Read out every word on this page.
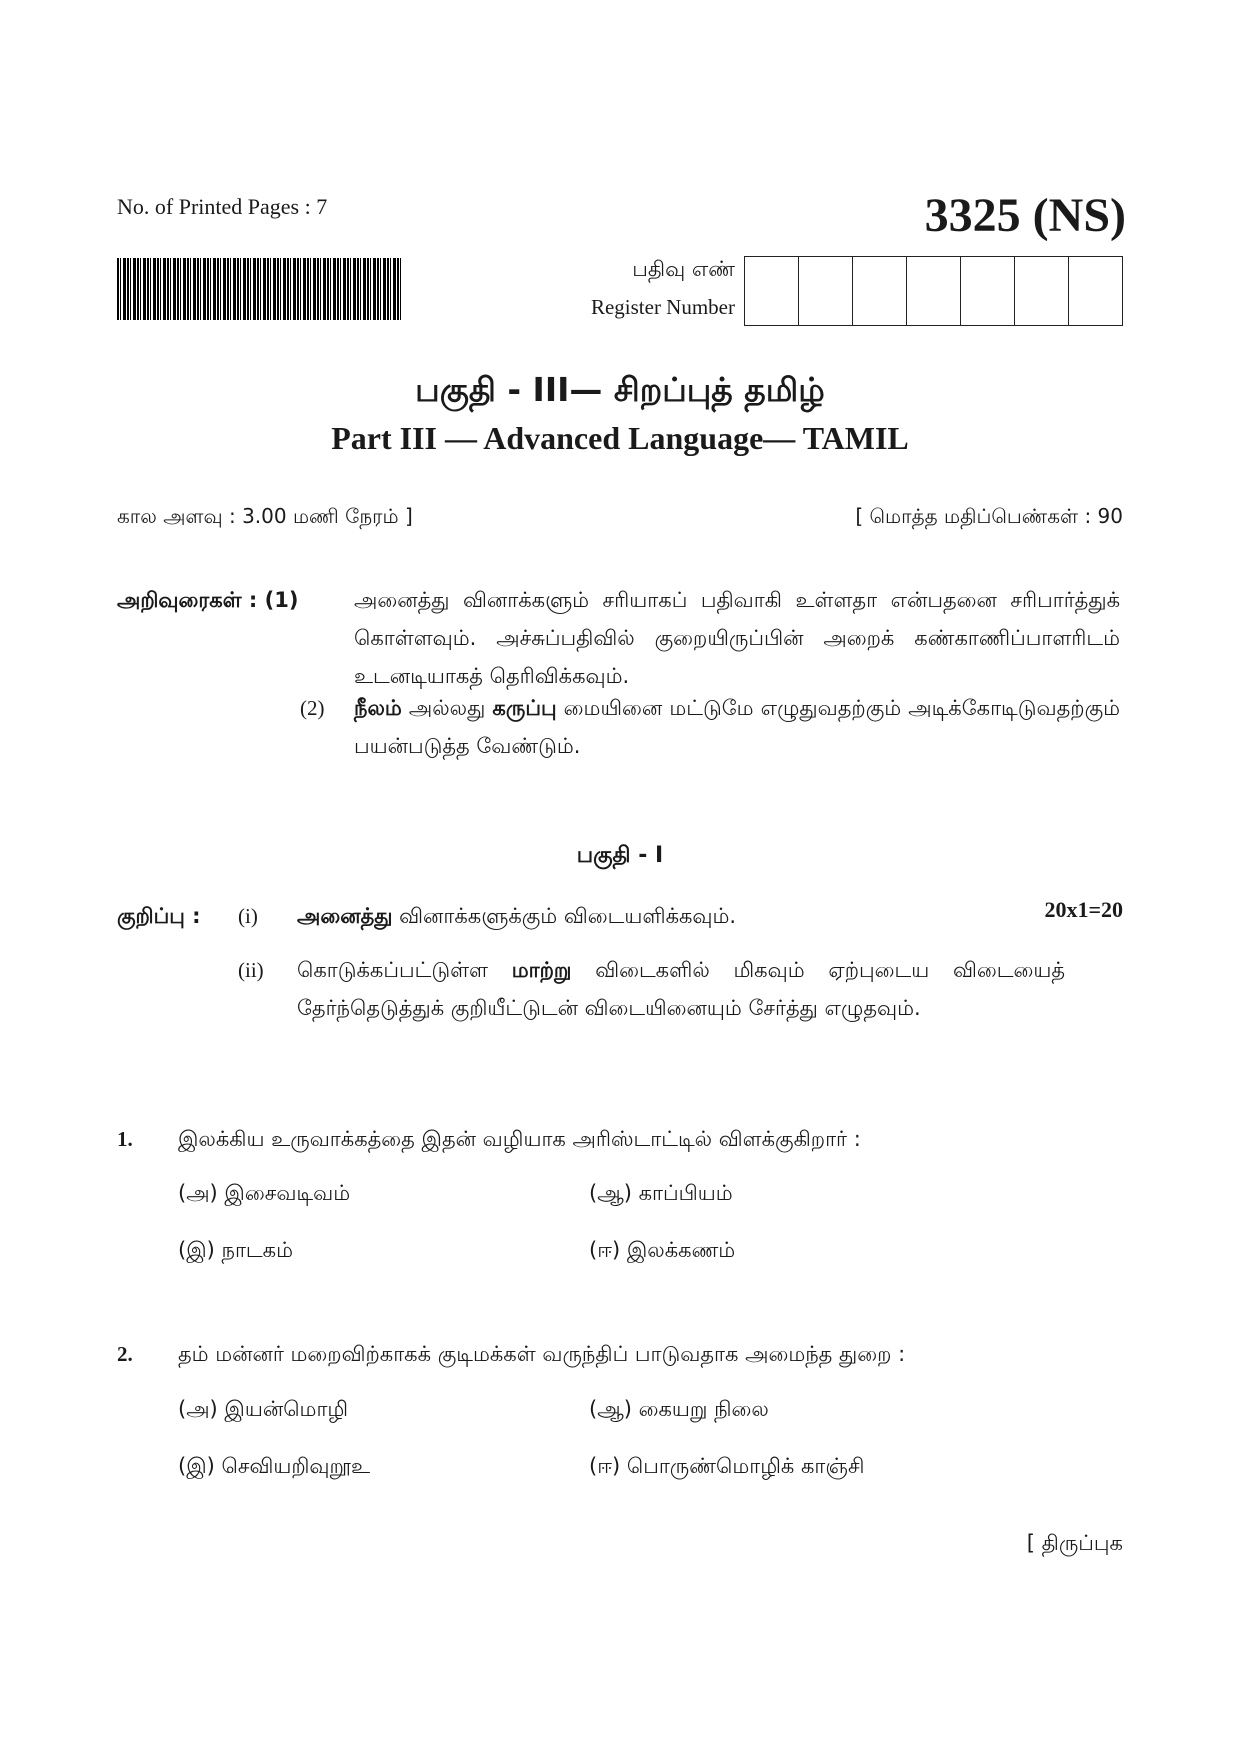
No. of Printed Pages : 7	3325 (NS)
பதிவு எண்
Register Number
பகுதி - III— சிறப்புத் தமிழ்
Part III — Advanced Language— TAMIL
கால அளவு : 3.00 மணி நேரம் ]	[ மொத்த மதிப்பெண்கள் : 90
அறிவுரைகள் : (1)	அனைத்து வினாக்களும் சரியாகப் பதிவாகி உள்ளதா என்பதனை சரிபார்த்துக் கொள்ளவும். அச்சுப்பதிவில் குறையிருப்பின் அறைக் கண்காணிப்பாளரிடம் உடனடியாகத் தெரிவிக்கவும்.
(2) நீலம் அல்லது கருப்பு மையினை மட்டுமே எழுதுவதற்கும் அடிக்கோடிடுவதற்கும் பயன்படுத்த வேண்டும்.
பகுதி - I
குறிப்பு : (i) அனைத்து வினாக்களுக்கும் விடையளிக்கவும்.	20x1=20
(ii) கொடுக்கப்பட்டுள்ள மாற்று விடைகளில் மிகவும் ஏற்புடைய விடையைத் தேர்ந்தெடுத்துக் குறியீட்டுடன் விடையினையும் சேர்த்து எழுதவும்.
1. இலக்கிய உருவாக்கத்தை இதன் வழியாக அரிஸ்டாட்டில் விளக்குகிறார் :
(அ) இசைவடிவம்	(ஆ) காப்பியம்
(இ) நாடகம்	(ஈ) இலக்கணம்
2. தம் மன்னர் மறைவிற்காகக் குடிமக்கள் வருந்திப் பாடுவதாக அமைந்த துறை :
(அ) இயன்மொழி	(ஆ) கையறு நிலை
(இ) செவியறிவுறூஉ	(ஈ) பொருண்மொழிக் காஞ்சி
[ திருப்புக
